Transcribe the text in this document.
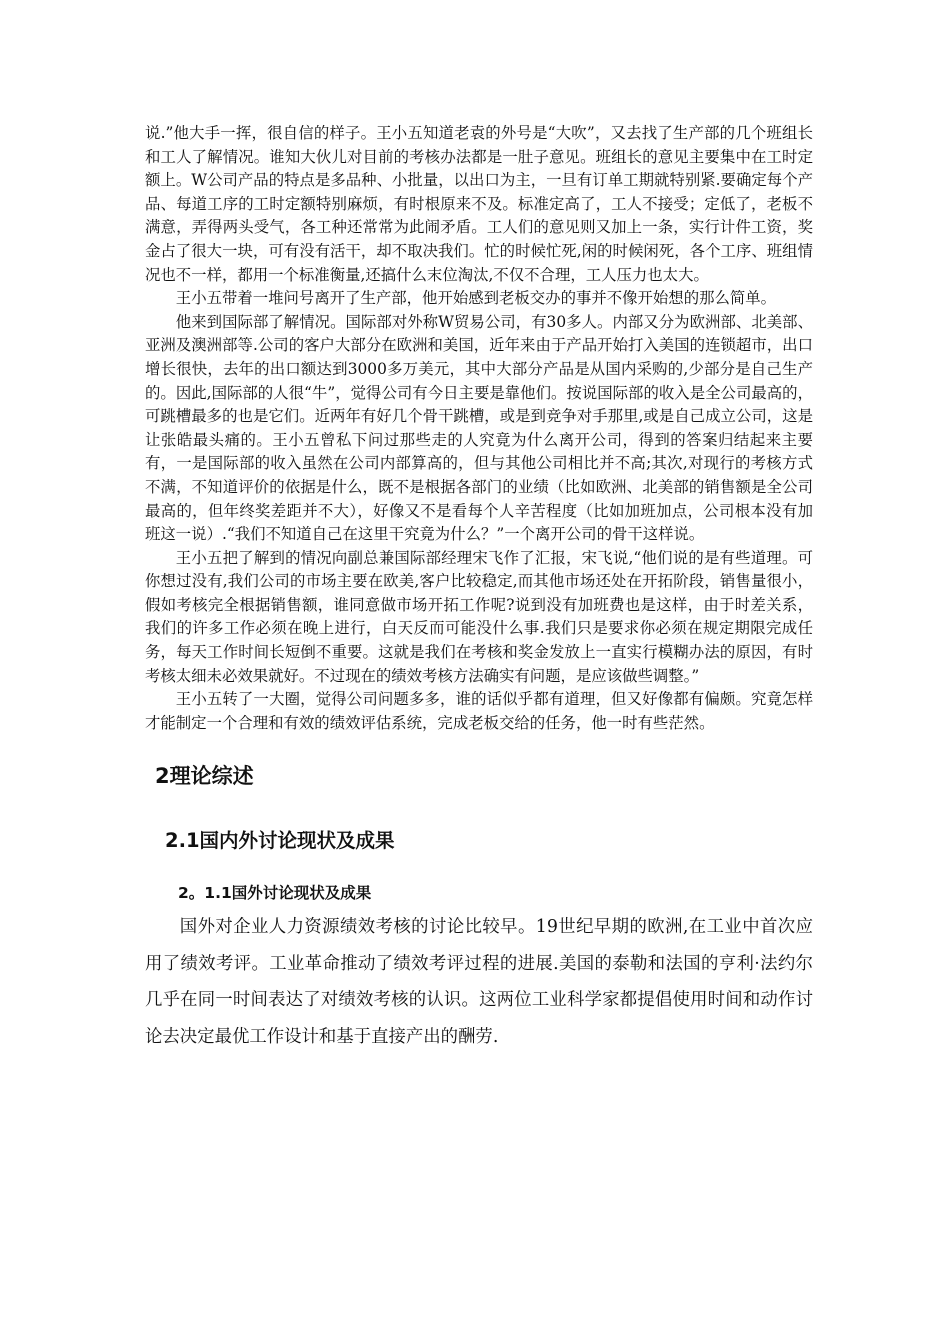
说.”他大手一挥，很自信的样子。王小五知道老袁的外号是“大吹”，又去找了生产部的几个班组长和工人了解情况。谁知大伙儿对目前的考核办法都是一肚子意见。班组长的意见主要集中在工时定额上。W公司产品的特点是多品种、小批量，以出口为主，一旦有订单工期就特别紧.要确定每个产品、每道工序的工时定额特别麻烦，有时根原来不及。标准定高了，工人不接受；定低了，老板不满意，弄得两头受气，各工种还常常为此闹矛盾。工人们的意见则又加上一条，实行计件工资，奖金占了很大一块，可有没有活干，却不取决我们。忙的时候忙死,闲的时候闲死，各个工序、班组情况也不一样，都用一个标准衡量,还搞什么末位淘汰,不仅不合理，工人压力也太大。

王小五带着一堆问号离开了生产部，他开始感到老板交办的事并不像开始想的那么简单。

他来到国际部了解情况。国际部对外称W贸易公司，有30多人。内部又分为欧洲部、北美部、亚洲及澳洲部等.公司的客户大部分在欧洲和美国，近年来由于产品开始打入美国的连锁超市，出口增长很快，去年的出口额达到3000多万美元，其中大部分产品是从国内采购的,少部分是自己生产的。因此,国际部的人很“牛”，觉得公司有今日主要是靠他们。按说国际部的收入是全公司最高的，可跳槽最多的也是它们。近两年有好几个骨干跳槽，或是到竞争对手那里,或是自己成立公司，这是让张皓最头痛的。王小五曾私下问过那些走的人究竟为什么离开公司，得到的答案归结起来主要有，一是国际部的收入虽然在公司内部算高的，但与其他公司相比并不高;其次,对现行的考核方式不满，不知道评价的依据是什么，既不是根据各部门的业绩（比如欧洲、北美部的销售额是全公司最高的，但年终奖差距并不大），好像又不是看每个人辛苦程度（比如加班加点，公司根本没有加班这一说）.“我们不知道自己在这里干究竟为什么？”一个离开公司的骨干这样说。

王小五把了解到的情况向副总兼国际部经理宋飞作了汇报，宋飞说,“他们说的是有些道理。可你想过没有,我们公司的市场主要在欧美,客户比较稳定,而其他市场还处在开拓阶段，销售量很小，假如考核完全根据销售额，谁同意做市场开拓工作呢?说到没有加班费也是这样，由于时差关系，我们的许多工作必须在晚上进行，白天反而可能没什么事.我们只是要求你必须在规定期限完成任务，每天工作时间长短倒不重要。这就是我们在考核和奖金发放上一直实行模糊办法的原因，有时考核太细未必效果就好。不过现在的绩效考核方法确实有问题，是应该做些调整。”

王小五转了一大圈，觉得公司问题多多，谁的话似乎都有道理，但又好像都有偏颇。究竟怎样才能制定一个合理和有效的绩效评估系统，完成老板交给的任务，他一时有些茫然。

2理论综述
2.1国内外讨论现状及成果
2。1.1国外讨论现状及成果

国外对企业人力资源绩效考核的讨论比较早。19世纪早期的欧洲,在工业中首次应用了绩效考评。工业革命推动了绩效考评过程的进展.美国的泰勒和法国的亨利·法约尔几乎在同一时间表达了对绩效考核的认识。这两位工业科学家都提倡使用时间和动作讨论去决定最优工作设计和基于直接产出的酬劳.
